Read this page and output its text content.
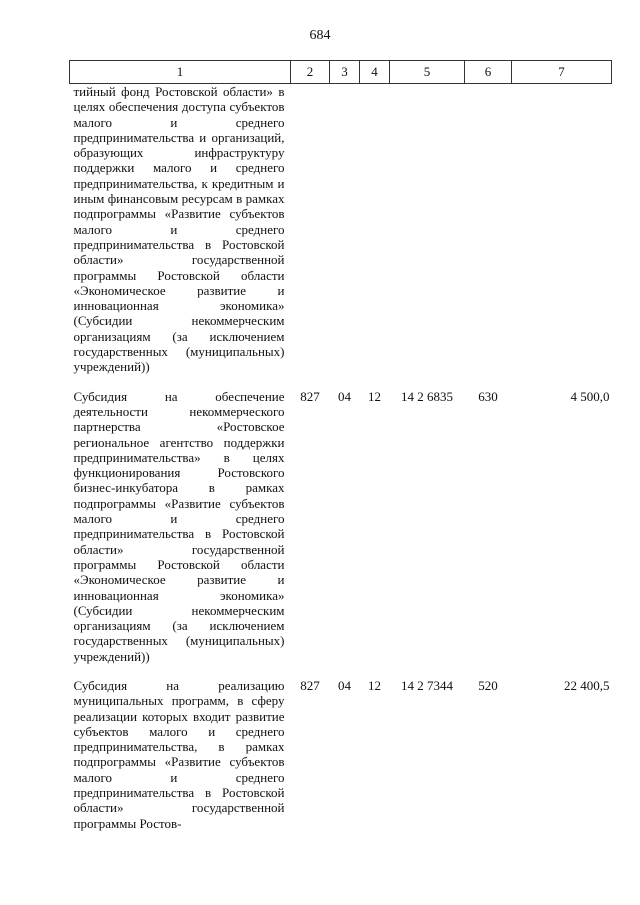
684
1	2	3	4	5	6	7
тийный фонд Ростовской области» в целях обеспечения доступа субъектов малого и среднего предпринимательства и организаций, образующих инфраструктуру поддержки малого и среднего предпринимательства, к кредитным и иным финансовым ресурсам в рамках подпрограммы «Развитие субъектов малого и среднего предпринимательства в Ростовской области» государственной программы Ростовской области «Экономическое развитие и инновационная экономика» (Субсидии некоммерческим организациям (за исключением государственных (муниципальных) учреждений))						

Субсидия на обеспечение деятельности некоммерческого партнерства «Ростовское региональное агентство поддержки предпринимательства» в целях функционирования Ростовского бизнес-инкубатора в рамках подпрограммы «Развитие субъектов малого и среднего предпринимательства в Ростовской области» государственной программы Ростовской области «Экономическое развитие и инновационная экономика» (Субсидии некоммерческим организациям (за исключением государственных (муниципальных) учреждений))	827	04	12	14 2 6835	630	4 500,0

Субсидия на реализацию муниципальных программ, в сферу реализации которых входит развитие субъектов малого и среднего предпринимательства, в рамках подпрограммы «Развитие субъектов малого и среднего предпринимательства в Ростовской области» государственной программы Ростов-	827	04	12	14 2 7344	520	22 400,5
